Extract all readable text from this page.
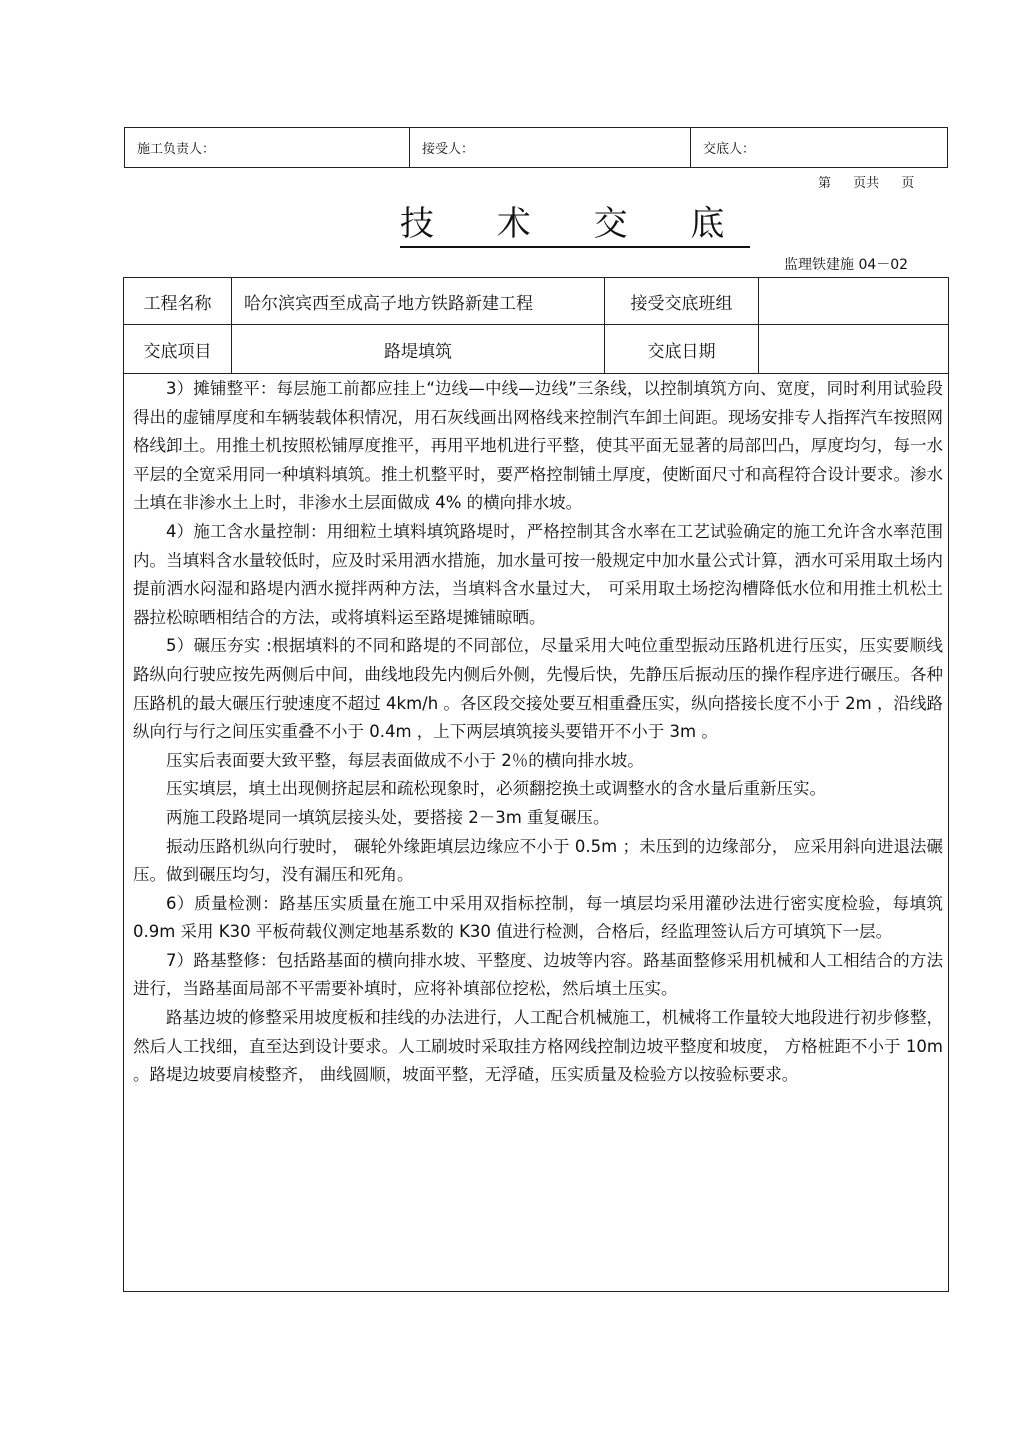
施工负责人：	接受人：	交底人：
第 页共 页
技 术 交 底
监理铁建施 04－02
工程名称	哈尔滨宾西至成高子地方铁路新建工程	接受交底班组
交底项目	路堤填筑	交底日期

3）摊铺整平：每层施工前都应挂上“边线—中线—边线”三条线，以控制填筑方向、宽度，同时利用试验段得出的虚铺厚度和车辆装载体积情况，用石灰线画出网格线来控制汽车卸土间距。现场安排专人指挥汽车按照网格线卸土。用推土机按照松铺厚度推平，再用平地机进行平整，使其平面无显著的局部凹凸，厚度均匀，每一水平层的全宽采用同一种填料填筑。推土机整平时，要严格控制铺土厚度，使断面尺寸和高程符合设计要求。渗水土填在非渗水土上时，非渗水土层面做成 4% 的横向排水坡。

4）施工含水量控制：用细粒土填料填筑路堤时，严格控制其含水率在工艺试验确定的施工允许含水率范围内。当填料含水量较低时，应及时采用洒水措施，加水量可按一般规定中加水量公式计算，洒水可采用取土场内提前洒水闷湿和路堤内洒水搅拌两种方法，当填料含水量过大， 可采用取土场挖沟槽降低水位和用推土机松土器拉松晾晒相结合的方法，或将填料运至路堤摊铺晾晒。

5）碾压夯实 :根据填料的不同和路堤的不同部位，尽量采用大吨位重型振动压路机进行压实，压实要顺线路纵向行驶应按先两侧后中间，曲线地段先内侧后外侧，先慢后快，先静压后振动压的操作程序进行碾压。各种压路机的最大碾压行驶速度不超过 4km/h 。各区段交接处要互相重叠压实，纵向搭接长度不小于 2m ，沿线路纵向行与行之间压实重叠不小于 0.4m ，上下两层填筑接头要错开不小于 3m 。

压实后表面要大致平整，每层表面做成不小于 2％的横向排水坡。

压实填层，填土出现侧挤起层和疏松现象时，必须翻挖换土或调整水的含水量后重新压实。

两施工段路堤同一填筑层接头处，要搭接 2－3m 重复碾压。

振动压路机纵向行驶时， 碾轮外缘距填层边缘应不小于 0.5m ；未压到的边缘部分， 应采用斜向进退法碾压。做到碾压均匀，没有漏压和死角。

6）质量检测：路基压实质量在施工中采用双指标控制，每一填层均采用灌砂法进行密实度检验，每填筑 0.9m 采用 K30 平板荷载仪测定地基系数的 K30 值进行检测，合格后，经监理签认后方可填筑下一层。

7）路基整修：包括路基面的横向排水坡、平整度、边坡等内容。路基面整修采用机械和人工相结合的方法进行，当路基面局部不平需要补填时，应将补填部位挖松，然后填土压实。

路基边坡的修整采用坡度板和挂线的办法进行，人工配合机械施工，机械将工作量较大地段进行初步修整，然后人工找细，直至达到设计要求。人工刷坡时采取挂方格网线控制边坡平整度和坡度， 方格桩距不小于 10m 。路堤边坡要肩棱整齐， 曲线圆顺，坡面平整，无浮碴，压实质量及检验方以按验标要求。
